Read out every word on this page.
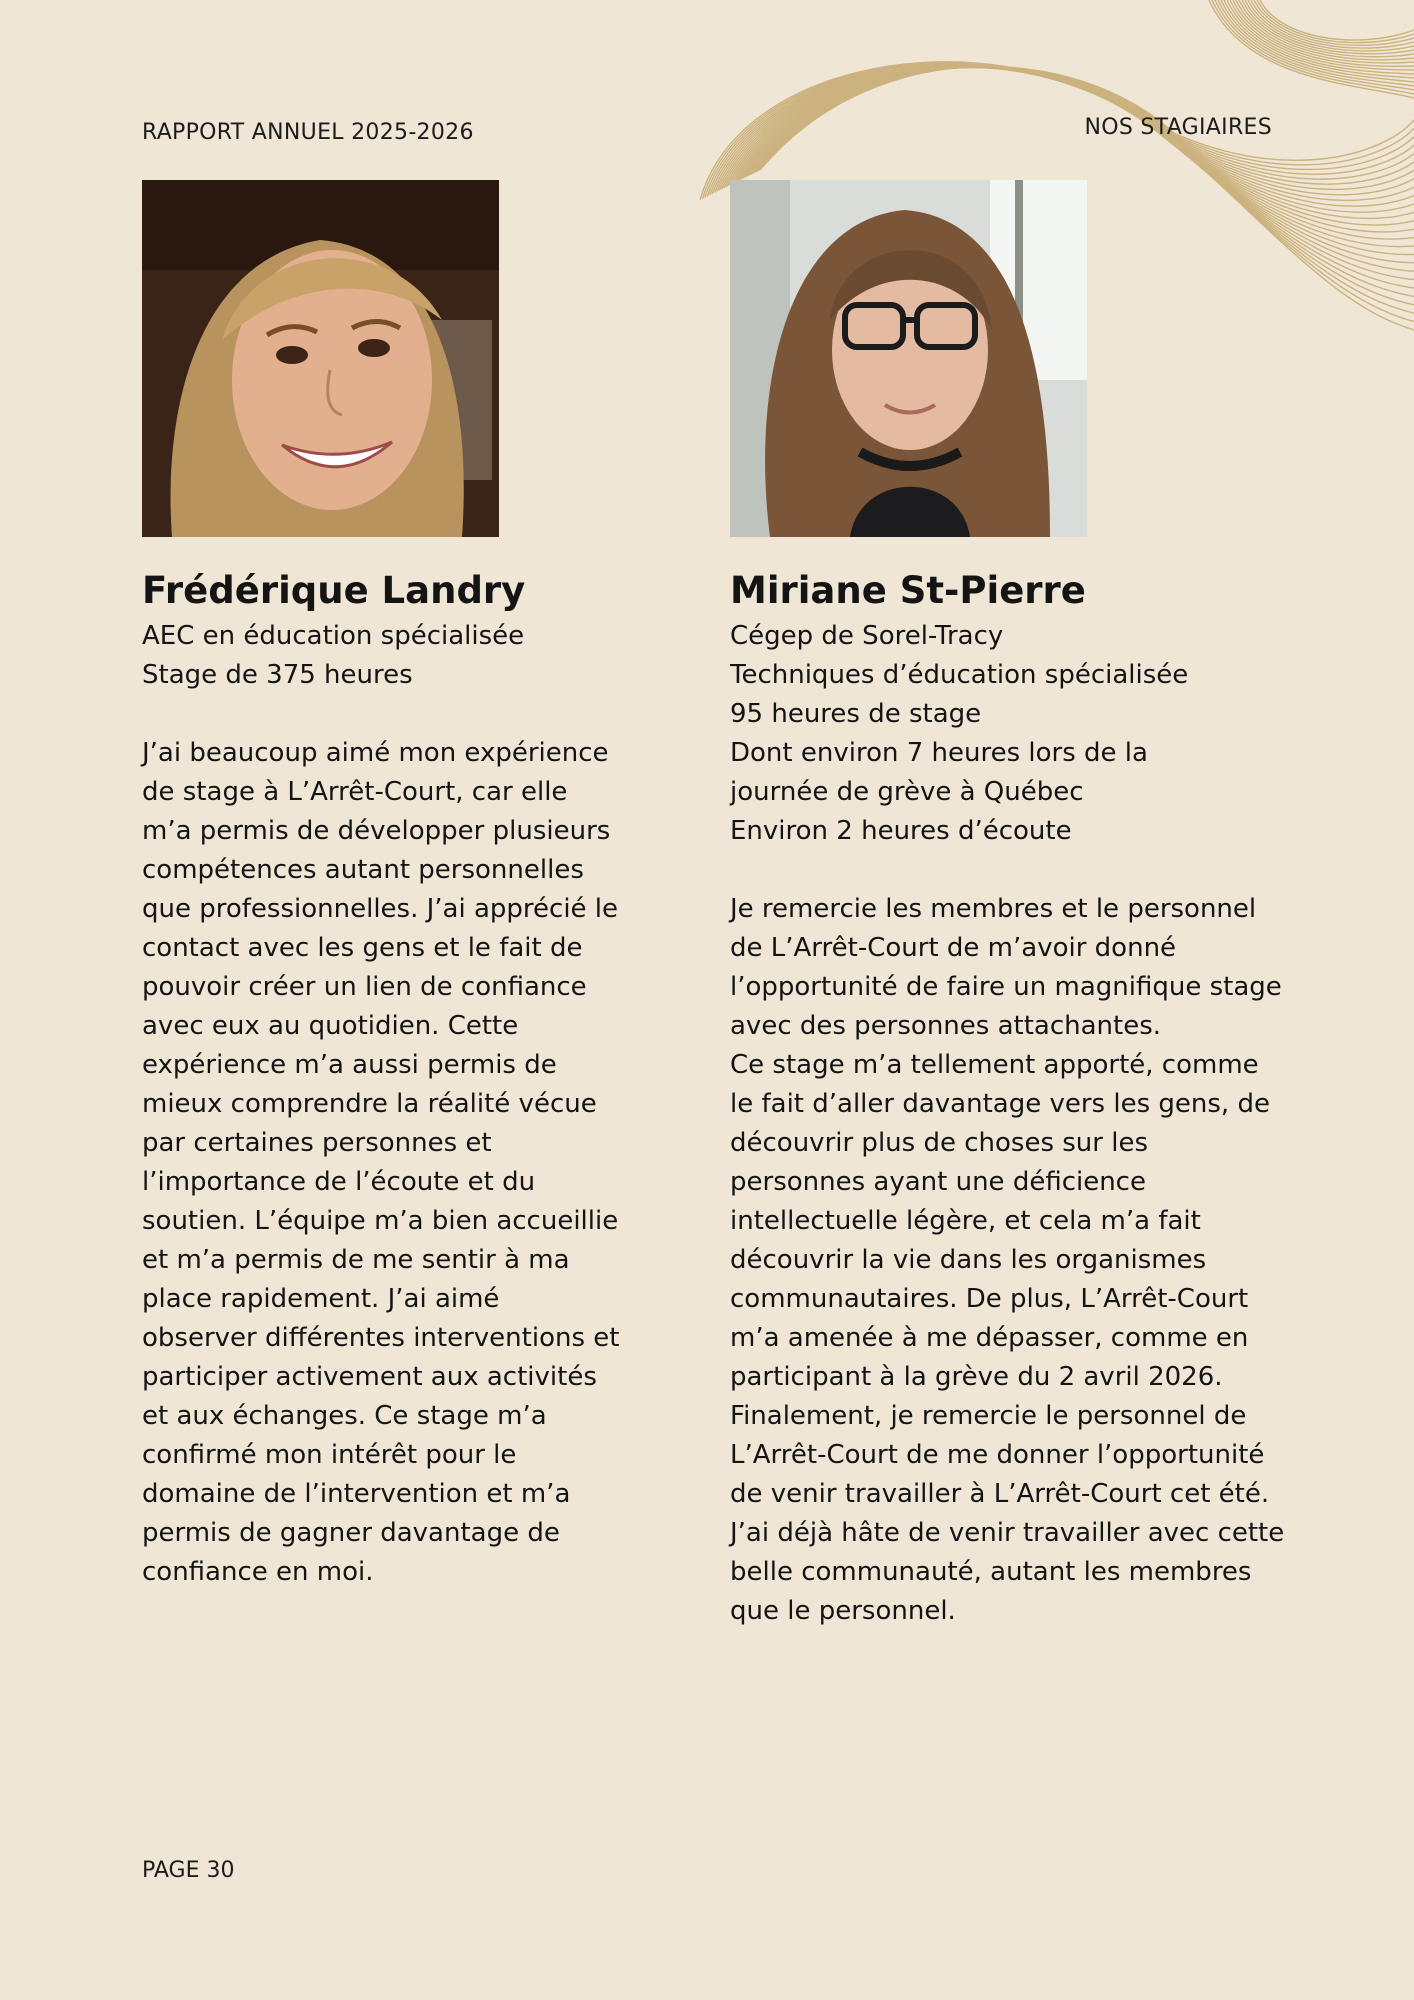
RAPPORT ANNUEL 2025-2026	NOS STAGIAIRES
Frédérique Landry
AEC en éducation spécialisée
Stage de 375 heures

J’ai beaucoup aimé mon expérience de stage à L’Arrêt-Court, car elle m’a permis de développer plusieurs compétences autant personnelles que professionnelles. J’ai apprécié le contact avec les gens et le fait de pouvoir créer un lien de confiance avec eux au quotidien. Cette expérience m’a aussi permis de mieux comprendre la réalité vécue par certaines personnes et l’importance de l’écoute et du soutien. L’équipe m’a bien accueillie et m’a permis de me sentir à ma place rapidement. J’ai aimé observer différentes interventions et participer activement aux activités et aux échanges. Ce stage m’a confirmé mon intérêt pour le domaine de l’intervention et m’a permis de gagner davantage de confiance en moi.

Miriane St-Pierre
Cégep de Sorel-Tracy
Techniques d’éducation spécialisée
95 heures de stage
Dont environ 7 heures lors de la journée de grève à Québec
Environ 2 heures d’écoute

Je remercie les membres et le personnel de L’Arrêt-Court de m’avoir donné l’opportunité de faire un magnifique stage avec des personnes attachantes.

Ce stage m’a tellement apporté, comme le fait d’aller davantage vers les gens, de découvrir plus de choses sur les personnes ayant une déficience intellectuelle légère, et cela m’a fait découvrir la vie dans les organismes communautaires. De plus, L’Arrêt-Court m’a amenée à me dépasser, comme en participant à la grève du 2 avril 2026.

Finalement, je remercie le personnel de L’Arrêt-Court de me donner l’opportunité de venir travailler à L’Arrêt-Court cet été. J’ai déjà hâte de venir travailler avec cette belle communauté, autant les membres que le personnel.

PAGE 30
